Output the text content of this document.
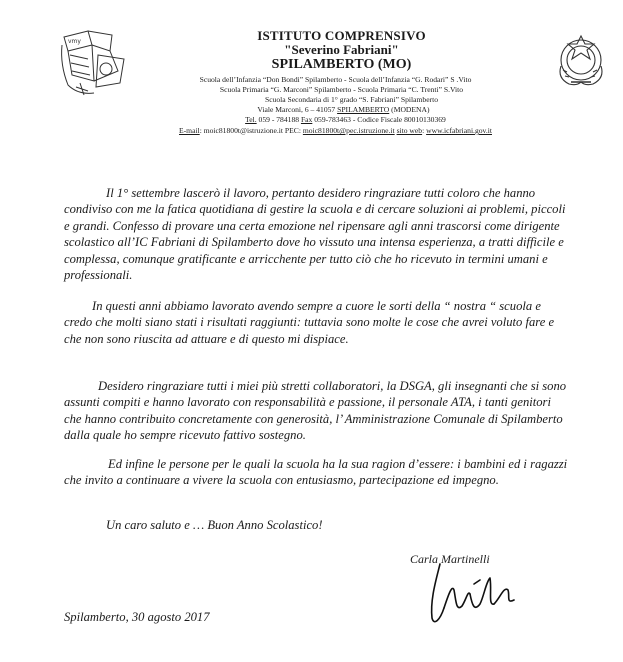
vmy	ISTITUTO COMPRENSIVO
"Severino Fabriani"
SPILAMBERTO (MO)
Scuola dell’Infanzia “Don Bondi” Spilamberto - Scuola dell’Infanzia “G. Rodari” S .Vito
Scuola Primaria “G. Marconi” Spilamberto - Scuola Primaria “C. Trenti” S.Vito
Scuola Secondaria di 1° grado “S. Fabriani” Spilamberto
Viale Marconi, 6 – 41057 SPILAMBERTO (MODENA)
Tel. 059 - 784188 Fax 059-783463 - Codice Fiscale 80010130369
E-mail: moic81800t@istruzione.it PEC: moic81800t@pec.istruzione.it sito web: www.icfabriani.gov.it
Il 1° settembre lascerò il lavoro, pertanto desidero ringraziare tutti coloro che hanno
condiviso con me la fatica quotidiana di gestire la scuola e di cercare soluzioni ai problemi, piccoli
e grandi. Confesso di provare una certa emozione nel ripensare agli anni trascorsi come dirigente
scolastico all’IC Fabriani di Spilamberto dove ho vissuto una intensa esperienza, a tratti difficile e
complessa, comunque gratificante e arricchente per tutto ciò che ho ricevuto in termini umani e
professionali.
In questi anni abbiamo lavorato avendo sempre a cuore le sorti della “ nostra “ scuola e
credo che molti siano stati i risultati raggiunti: tuttavia sono molte le cose che avrei voluto fare e
che non sono riuscita ad attuare e di questo mi dispiace.
Desidero ringraziare tutti i miei più stretti collaboratori, la DSGA, gli insegnanti che si sono
assunti compiti e hanno lavorato con responsabilità e passione, il personale ATA, i tanti genitori
che hanno contribuito concretamente con generosità, l’ Amministrazione Comunale di Spilamberto
dalla quale ho sempre ricevuto fattivo sostegno.
Ed infine le persone per le quali la scuola ha la sua ragion d’essere: i bambini ed i ragazzi
che invito a continuare a vivere la scuola con entusiasmo, partecipazione ed impegno.
Un caro saluto e … Buon Anno Scolastico!
Carla Martinelli
Spilamberto, 30 agosto 2017
